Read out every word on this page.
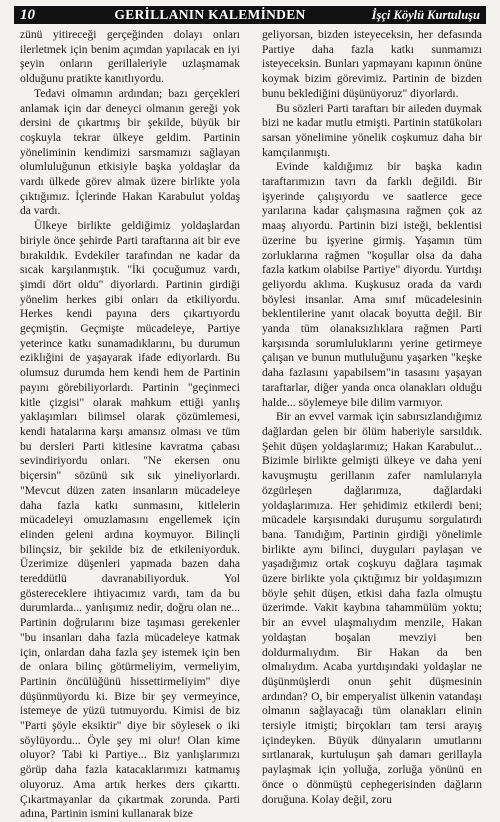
10	GERİLLANIN KALEMİNDEN	İşçi Köylü Kurtuluşu

zünü yitireceği gerçeğinden dolayı onları ilerletmek için benim açımdan yapılacak en iyi şeyin onların gerillaleriyle uzlaşmamak olduğunu pratikte kanıtlıyordu.

Tedavi olmamın ardından; bazı gerçekleri anlamak için dar deneyci olmanın gereği yok dersini de çıkartmış bir şekilde, büyük bir coşkuyla tekrar ülkeye geldim. Partinin yöneliminin kendimizi sarsmamızı sağlayan olumluluğunun etkisiyle başka yoldaşlar da vardı ülkede görev almak üzere birlikte yola çıktığımız. İçlerinde Hakan Karabulut yoldaş da vardı.

Ülkeye birlikte geldiğimiz yoldaşlardan biriyle önce şehirde Parti taraftarına ait bir eve bırakıldık. Evdekiler tarafından ne kadar da sıcak karşılanmıştık. "İki çocuğumuz vardı, şimdi dört oldu" diyorlardı. Partinin girdiği yönelim herkes gibi onları da etkiliyordu. Herkes kendi payına ders çıkartıyordu geçmiştin. Geçmişte mücadeleye, Partiye yeterince katkı sunamadıklarını, bu durumun eziklığini de yaşayarak ifade ediyorlardı. Bu olumsuz durumda hem kendi hem de Partinin payını görebiliyorlardı. Partinin "geçinmeci kitle çizgisi" olarak mahkum ettiği yanlış yaklaşımları bilimsel olarak çözümlemesi, kendi hatalarına karşı amansız olması ve tüm bu dersleri Parti kitlesine kavratma çabası sevindiriyordu onları. "Ne ekersen onu biçersin" sözünü sık sık yineliyorlardı. "Mevcut düzen zaten insanların mücadeleye daha fazla katkı sunmasını, kitlelerin mücadeleyi omuzlamasını engellemek için elinden geleni ardına koymuyor. Bilinçli bilinçsiz, bir şekilde biz de etkileniyorduk. Üzerimize düşenleri yapmada bazen daha tereddütlü davranabiliyorduk. Yol göstereceklere ihtiyacımız vardı, tam da bu durumlarda... yanlışımız nedir, doğru olan ne... Partinin doğrularını bize taşıması gerekenler "bu insanları daha fazla mücadeleye katmak için, onlardan daha fazla şey istemek için ben de onlara bilinç götürmeliyim, vermeliyim, Partinin öncülüğünü hissettirmeliyim" diye düşünmüyordu ki. Bize bir şey vermeyince, istemeye de yüzü tutmuyordu. Kimisi de biz "Parti şöyle eksiktir" diye bir söylesek o iki söylüyordu... Öyle şey mi olur! Olan kime oluyor? Tabi ki Partiye... Biz yanlışlarımızı görüp daha fazla katacaklarımızı katmamış oluyoruz. Ama artık herkes ders çıkarttı. Çıkartmayanlar da çıkartmak zorunda. Parti adına, Partinin ismini kullanarak bize

geliyorsan, bizden isteyeceksin, her defasında Partiye daha fazla katkı sunmamızı isteyeceksin. Bunları yapmayanı kapının önüne koymak bizim görevimiz. Partinin de bizden bunu beklediğini düşünüyoruz" diyorlardı.

Bu sözleri Parti taraftarı bir aileden duymak bizi ne kadar mutlu etmişti. Partinin statükoları sarsan yönelimine yönelik coşkumuz daha bir kamçılanmıştı.

Evinde kaldığımız bir başka kadın taraftarımızın tavrı da farklı değildi. Bir işyerinde çalışıyordu ve saatlerce gece yarılarına kadar çalışmasına rağmen çok az maaş alıyordu. Partinin bizi isteği, beklentisi üzerine bu işyerine girmiş. Yaşamın tüm zorluklarına rağmen "koşullar olsa da daha fazla katkım olabilse Partiye" diyordu. Yurtdışı geliyordu aklıma. Kuşkusuz orada da vardı böylesi insanlar. Ama sınıf mücadelesinin beklentilerine yanıt olacak boyutta değil. Bir yanda tüm olanaksızlıklara rağmen Parti karşısında sorumluluklarını yerine getirmeye çalışan ve bunun mutluluğunu yaşarken "keşke daha fazlasını yapabilsem"in tasasını yaşayan taraftarlar, diğer yanda onca olanakları olduğu halde... söylemeye bile dilim varmıyor.

Bir an evvel varmak için sabırsızlandığımız dağlardan gelen bir ölüm haberiyle sarsıldık. Şehit düşen yoldaşlarımız; Hakan Karabulut... Bizimle birlikte gelmişti ülkeye ve daha yeni kavuşmuştu gerillanın zafer namlularıyla özgürleşen dağlarımıza, dağlardaki yoldaşlarımıza. Her şehidimiz etkilerdi beni; mücadele karşısındaki duruşumu sorgulatırdı bana. Tanıdığım, Partinin girdiği yönelimle birlikte aynı bilinci, duyguları paylaşan ve yaşadığımız ortak coşkuyu dağlara taşımak üzere birlikte yola çıktığımız bir yoldaşımızın böyle şehit düşen, etkisi daha fazla olmuştu üzerimde. Vakit kaybına tahammülüm yoktu; bir an evvel ulaşmalıydım menzile, Hakan yoldaştan boşalan mevziyi ben doldurmalıydım. Bir Hakan da ben olmalıydım. Acaba yurtdışındaki yoldaşlar ne düşünmüşlerdi onun şehit düşmesinin ardından? O, bir emperyalist ülkenin vatandaşı olmanın sağlayacağı tüm olanakları elinin tersiyle itmişti; birçokları tam tersi arayış içindeyken. Büyük dünyaların umutlarını sırtlanarak, kurtuluşun şah damarı gerillayla paylaşmak için yolluğa, zorluğa yönünü en önce o dönmüştü cephegerisinden dağların doruğuna. Kolay değil, zoru
